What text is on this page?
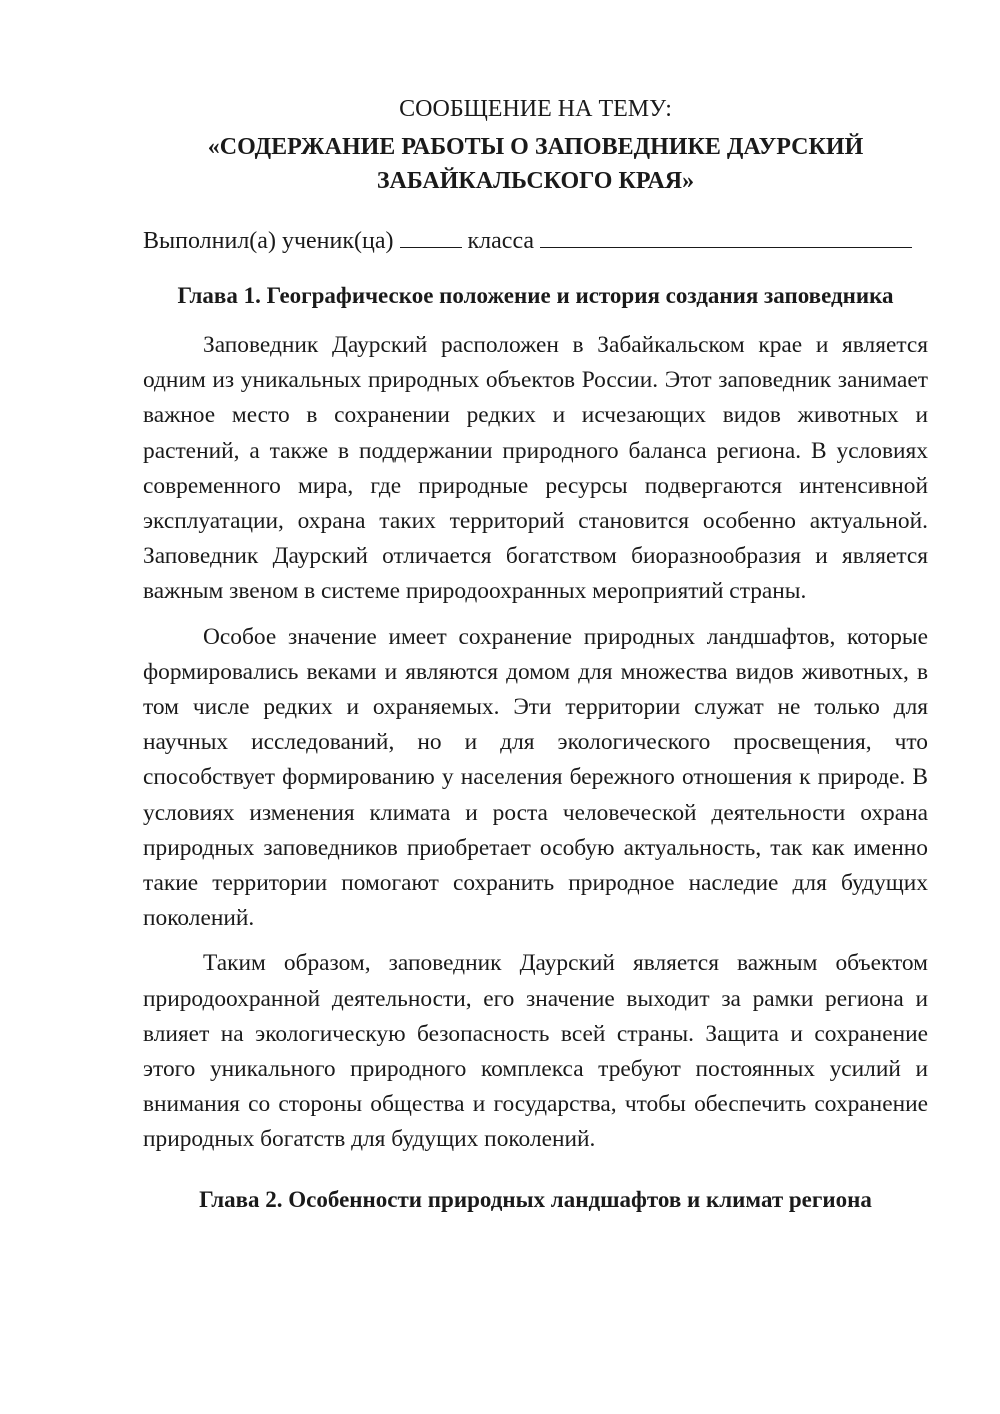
СООБЩЕНИЕ НА ТЕМУ:

«СОДЕРЖАНИЕ РАБОТЫ О ЗАПОВЕДНИКЕ ДАУРСКИЙ

ЗАБАЙКАЛЬСКОГО КРАЯ»

Выполнил(а) ученик(ца)	класса

Глава 1. Географическое положение и история создания заповедника

Заповедник Даурский расположен в Забайкальском крае и является одним из уникальных природных объектов России. Этот заповедник занимает важное место в сохранении редких и исчезающих видов животных и растений, а также в поддержании природного баланса региона. В условиях современного мира, где природные ресурсы подвергаются интенсивной эксплуатации, охрана таких территорий становится особенно актуальной. Заповедник Даурский отличается богатством биоразнообразия и является важным звеном в системе природоохранных мероприятий страны.

Особое значение имеет сохранение природных ландшафтов, которые формировались веками и являются домом для множества видов животных, в том числе редких и охраняемых. Эти территории служат не только для научных исследований, но и для экологического просвещения, что способствует формированию у населения бережного отношения к природе. В условиях изменения климата и роста человеческой деятельности охрана природных заповедников приобретает особую актуальность, так как именно такие территории помогают сохранить природное наследие для будущих поколений.

Таким образом, заповедник Даурский является важным объектом природоохранной деятельности, его значение выходит за рамки региона и влияет на экологическую безопасность всей страны. Защита и сохранение этого уникального природного комплекса требуют постоянных усилий и внимания со стороны общества и государства, чтобы обеспечить сохранение природных богатств для будущих поколений.

Глава 2. Особенности природных ландшафтов и климат региона
